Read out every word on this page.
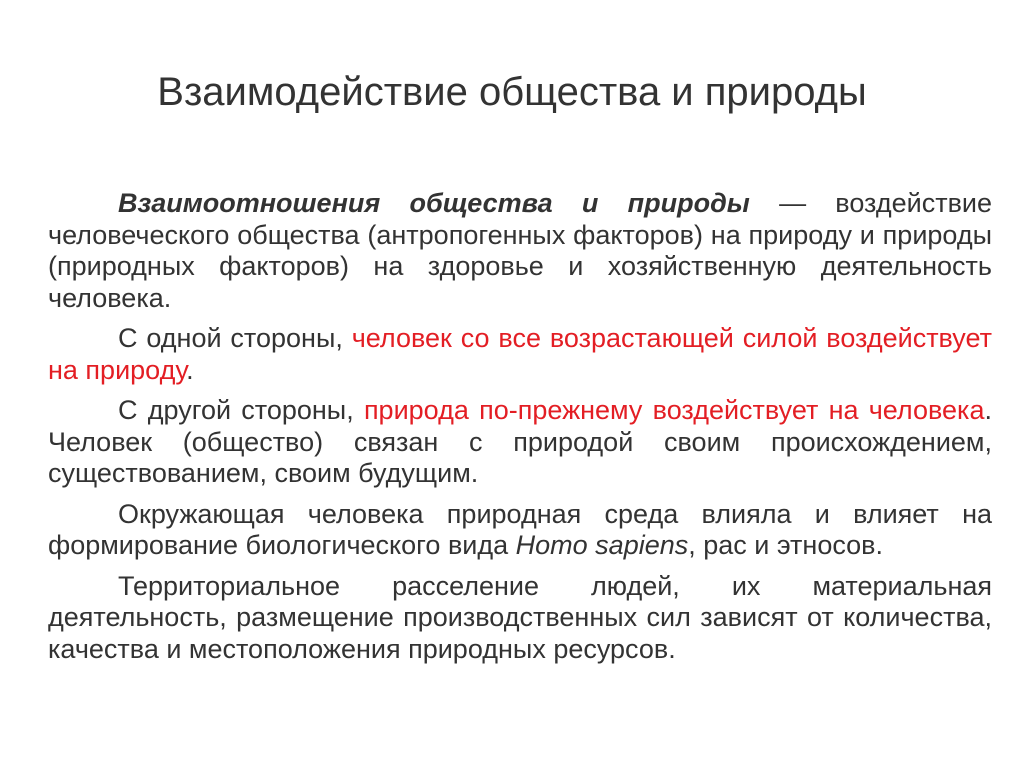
Взаимодействие общества и природы

Взаимоотношения общества и природы — воздействие человеческого общества (антропогенных факторов) на природу и природы (природных факторов) на здоровье и хозяйственную деятельность человека.

С одной стороны, человек со все возрастающей силой воздействует на природу.

С другой стороны, природа по-прежнему воздействует на человека. Человек (общество) связан с природой своим происхождением, существованием, своим будущим.

Окружающая человека природная среда влияла и влияет на формирование биологического вида Homo sapiens, рас и этносов.

Территориальное расселение людей, их материальная деятельность, размещение производственных сил зависят от количества, качества и местоположения природных ресурсов.
